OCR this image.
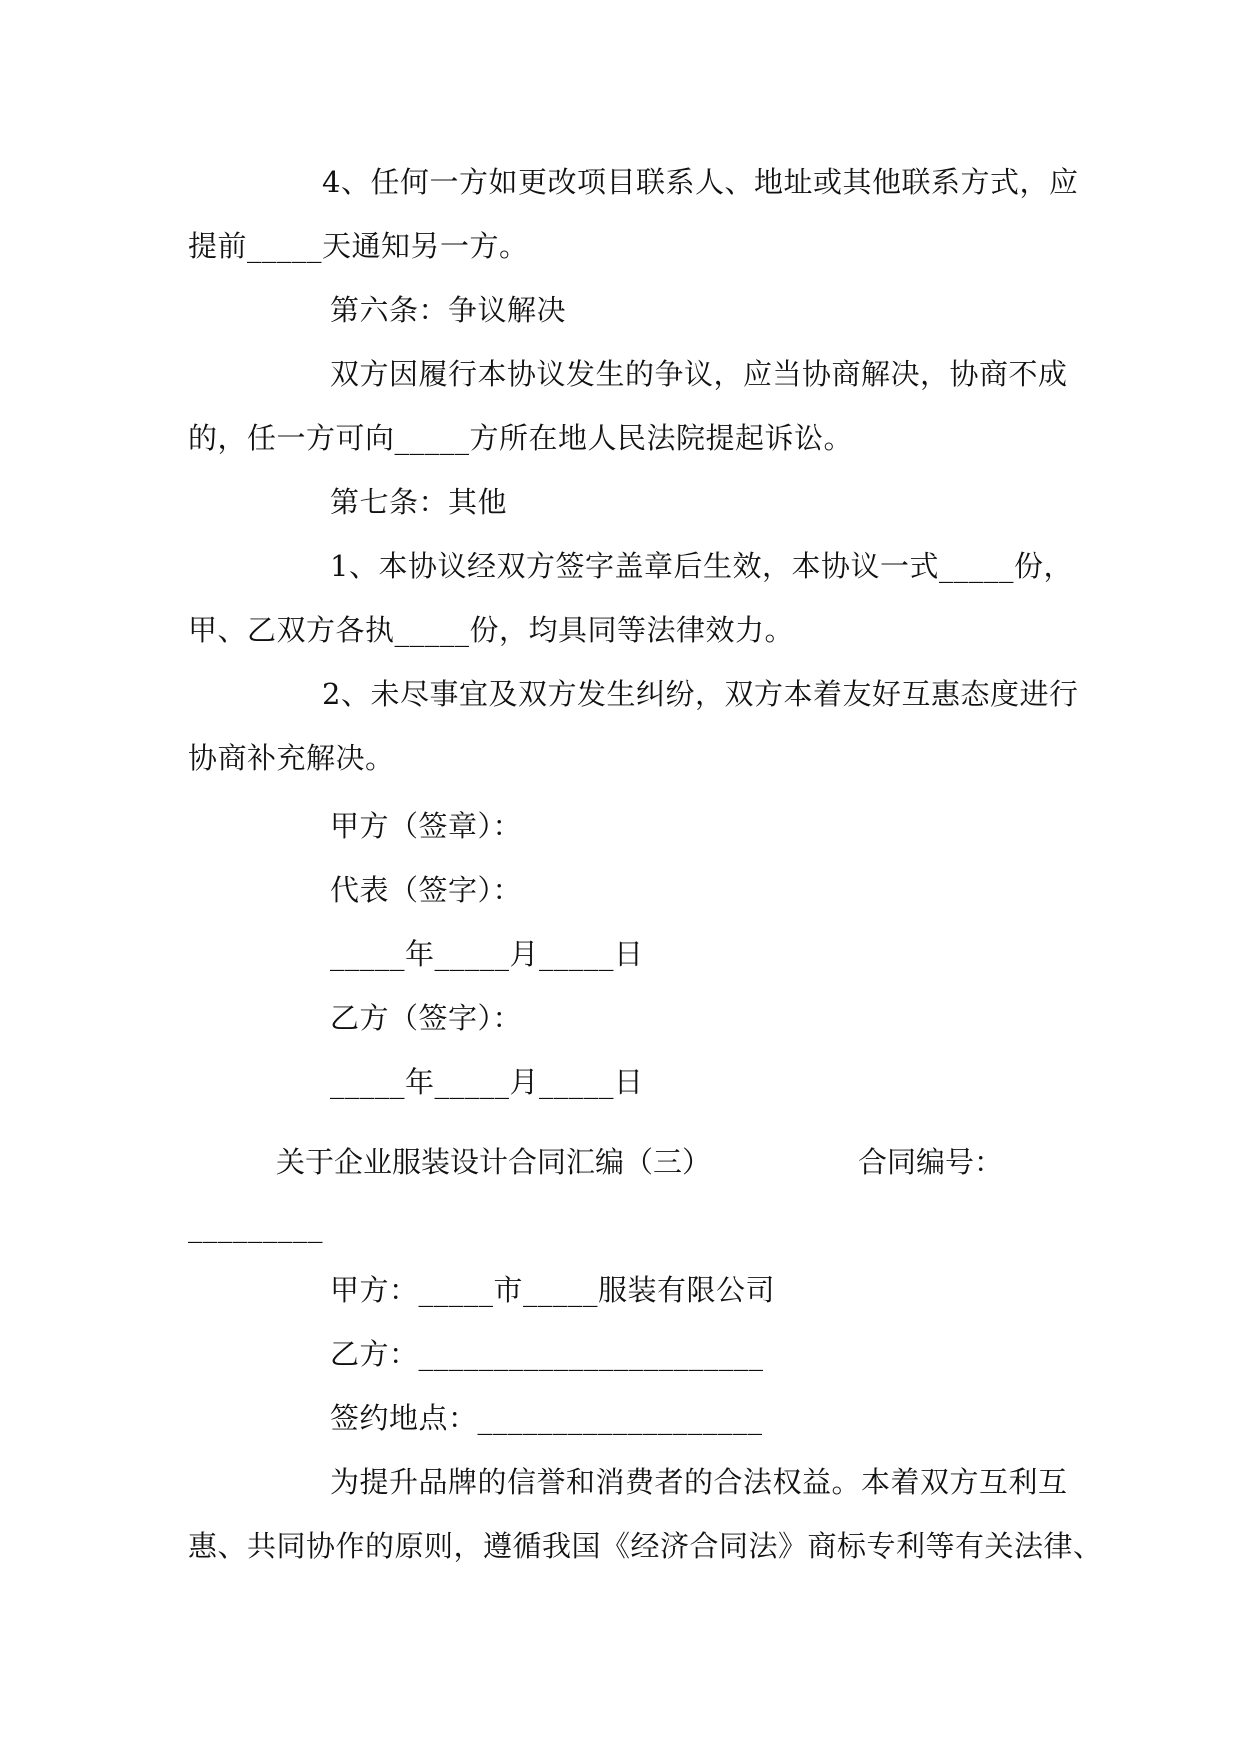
4、任何一方如更改项目联系人、地址或其他联系方式，应
提前_____天通知另一方。
第六条：争议解决
双方因履行本协议发生的争议，应当协商解决，协商不成
的，任一方可向_____方所在地人民法院提起诉讼。
第七条：其他
1、本协议经双方签字盖章后生效，本协议一式_____份，
甲、乙双方各执_____份，均具同等法律效力。
2、未尽事宜及双方发生纠纷，双方本着友好互惠态度进行
协商补充解决。
甲方（签章）：
代表（签字）：
_____年_____月_____日
乙方（签字）：
_____年_____月_____日
关于企业服装设计合同汇编（三）	合同编号：
_________
甲方：_____市_____服装有限公司
乙方：_______________________
签约地点：___________________
为提升品牌的信誉和消费者的合法权益。本着双方互利互
惠、共同协作的原则，遵循我国《经济合同法》商标专利等有关法律、
